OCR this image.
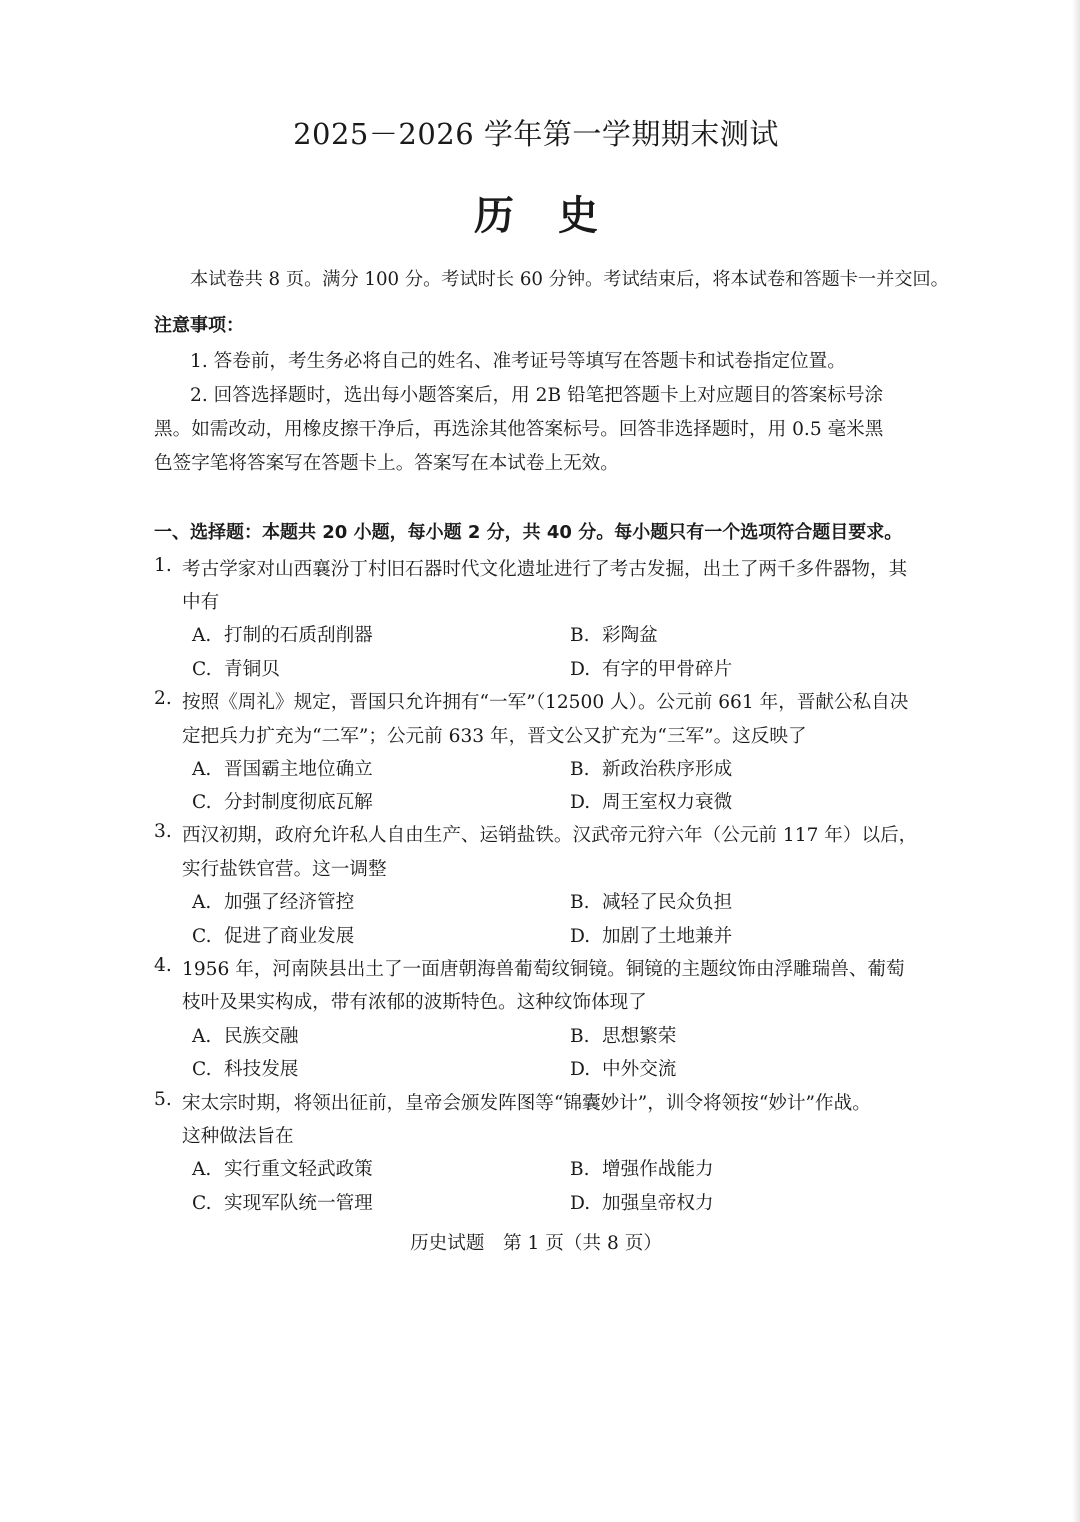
2025－2026 学年第一学期期末测试
历史
本试卷共 8 页。满分 100 分。考试时长 60 分钟。考试结束后，将本试卷和答题卡一并交回。
注意事项：
1. 答卷前，考生务必将自己的姓名、准考证号等填写在答题卡和试卷指定位置。
2. 回答选择题时，选出每小题答案后，用 2B 铅笔把答题卡上对应题目的答案标号涂
黑。如需改动，用橡皮擦干净后，再选涂其他答案标号。回答非选择题时，用 0.5 毫米黑
色签字笔将答案写在答题卡上。答案写在本试卷上无效。
一、选择题：本题共 20 小题，每小题 2 分，共 40 分。每小题只有一个选项符合题目要求。
1. 考古学家对山西襄汾丁村旧石器时代文化遗址进行了考古发掘，出土了两千多件器物，其
中有
A. 打制的石质刮削器	B. 彩陶盆
C. 青铜贝	D. 有字的甲骨碎片
2. 按照《周礼》规定，晋国只允许拥有“一军”（12500 人）。公元前 661 年，晋献公私自决
定把兵力扩充为“二军”；公元前 633 年，晋文公又扩充为“三军”。这反映了
A. 晋国霸主地位确立	B. 新政治秩序形成
C. 分封制度彻底瓦解	D. 周王室权力衰微
3. 西汉初期，政府允许私人自由生产、运销盐铁。汉武帝元狩六年（公元前 117 年）以后，
实行盐铁官营。这一调整
A. 加强了经济管控	B. 减轻了民众负担
C. 促进了商业发展	D. 加剧了土地兼并
4. 1956 年，河南陕县出土了一面唐朝海兽葡萄纹铜镜。铜镜的主题纹饰由浮雕瑞兽、葡萄
枝叶及果实构成，带有浓郁的波斯特色。这种纹饰体现了
A. 民族交融	B. 思想繁荣
C. 科技发展	D. 中外交流
5. 宋太宗时期，将领出征前，皇帝会颁发阵图等“锦囊妙计”，训令将领按“妙计”作战。
这种做法旨在
A. 实行重文轻武政策	B. 增强作战能力
C. 实现军队统一管理	D. 加强皇帝权力
历史试题　第 1 页（共 8 页）
